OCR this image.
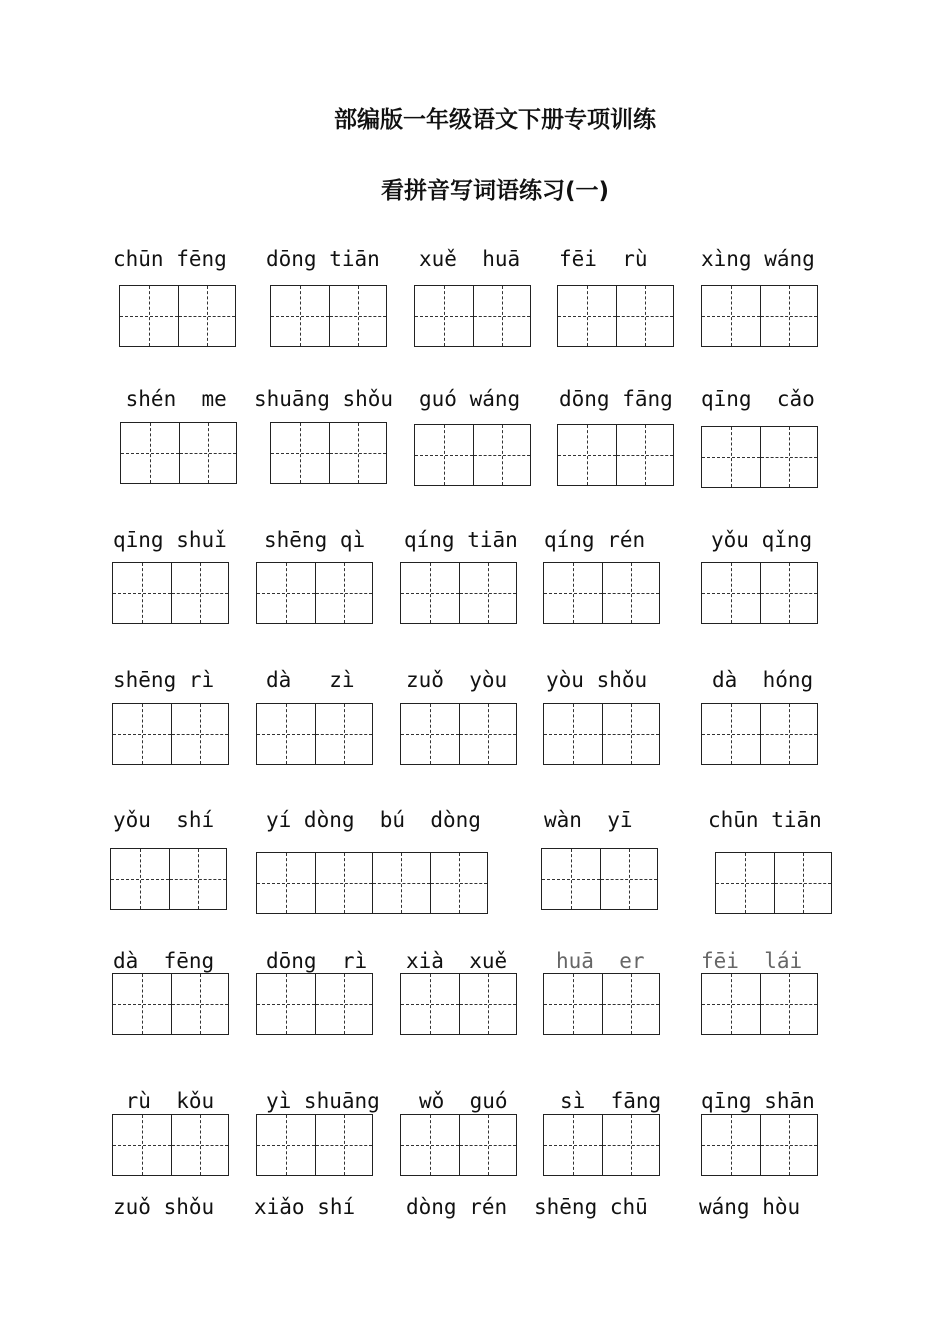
部编版一年级语文下册专项训练
看拼音写词语练习(一)
chūn fēng dōng tiān xuě  huā fēi  rù	xìng wáng
shén  me shuāng shǒu guó wáng dōng fāng qīng  cǎo
qīng shuǐ shēng qì qíng tiān qíng rén	yǒu qǐng
shēng rì dà   zì zuǒ  yòu yòu shǒu	dà  hóng
yǒu  shí yí dòng  bú  dòng	wàn  yī	chūn tiān
dà  fēng dōng  rì xià  xuě huā  er	fēi  lái
rù  kǒu yì shuāng wǒ  guó sì  fāng qīng shān
zuǒ shǒu xiǎo shí dòng rén shēng chū wáng hòu
